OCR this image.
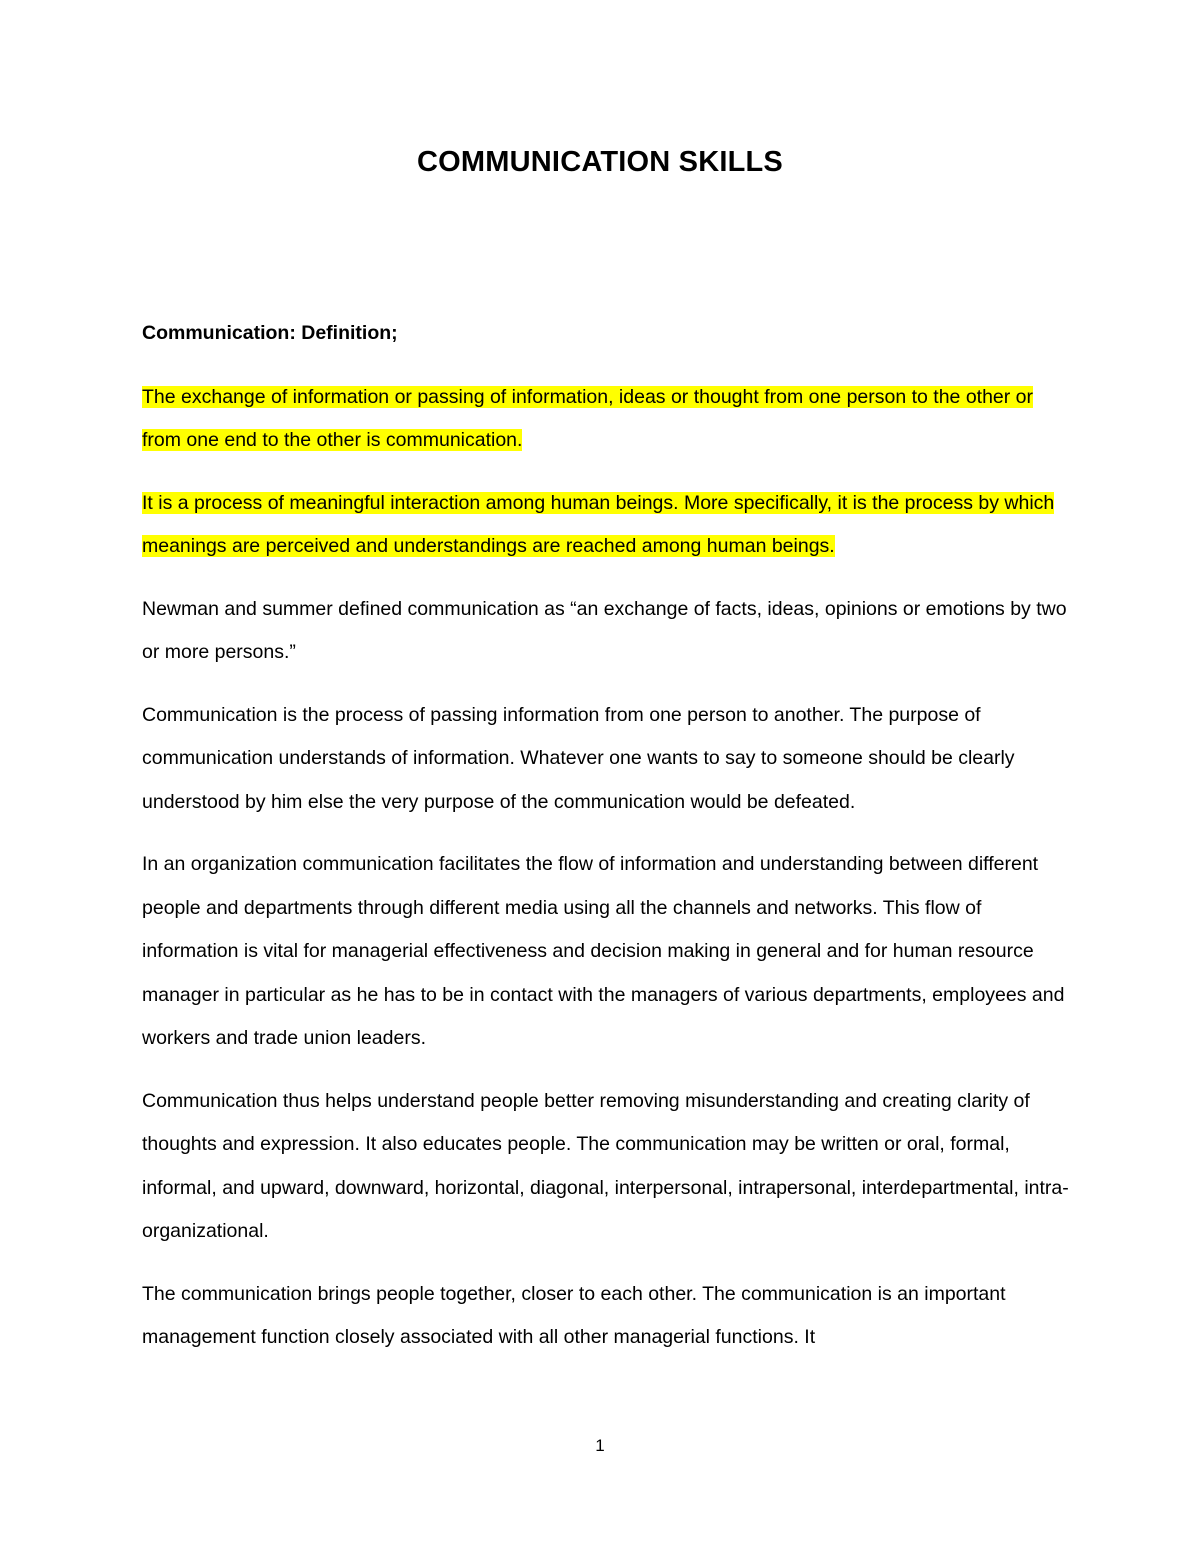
COMMUNICATION SKILLS

Communication: Definition;

The exchange of information or passing of information, ideas or thought from one person to the other or from one end to the other is communication.

It is a process of meaningful interaction among human beings. More specifically, it is the process by which meanings are perceived and understandings are reached among human beings.

Newman and summer defined communication as “an exchange of facts, ideas, opinions or emotions by two or more persons.”

Communication is the process of passing information from one person to another. The purpose of communication understands of information. Whatever one wants to say to someone should be clearly understood by him else the very purpose of the communication would be defeated.

In an organization communication facilitates the flow of information and understanding between different people and departments through different media using all the channels and networks. This flow of information is vital for managerial effectiveness and decision making in general and for human resource manager in particular as he has to be in contact with the managers of various departments, employees and workers and trade union leaders.

Communication thus helps understand people better removing misunderstanding and creating clarity of thoughts and expression. It also educates people. The communication may be written or oral, formal, informal, and upward, downward, horizontal, diagonal, interpersonal, intrapersonal, interdepartmental, intra-organizational.

The communication brings people together, closer to each other. The communication is an important management function closely associated with all other managerial functions. It

1
